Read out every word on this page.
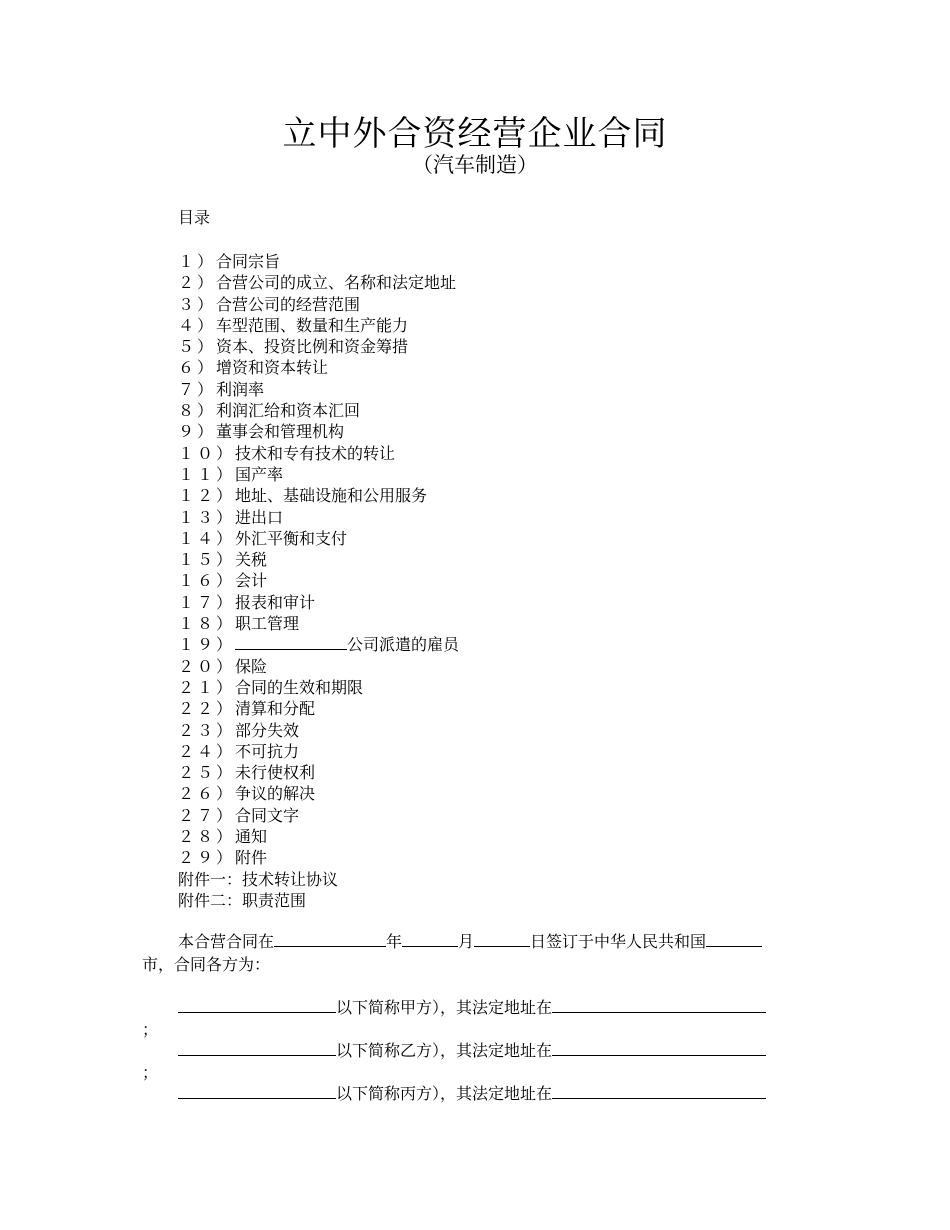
立中外合资经营企业合同
（汽车制造）
目录
１）合同宗旨
２）合营公司的成立、名称和法定地址
３）合营公司的经营范围
４）车型范围、数量和生产能力
５）资本、投资比例和资金筹措
６）增资和资本转让
７）利润率
８）利润汇给和资本汇回
９）董事会和管理机构
１０）技术和专有技术的转让
１１）国产率
１２）地址、基础设施和公用服务
１３）进出口
１４）外汇平衡和支付
１５）关税
１６）会计
１７）报表和审计
１８）职工管理
１９）	公司派遣的雇员
２０）保险
２１）合同的生效和期限
２２）清算和分配
２３）部分失效
２４）不可抗力
２５）未行使权利
２６）争议的解决
２７）合同文字
２８）通知
２９）附件
附件一：技术转让协议
附件二：职责范围
本合营合同在	年	月	日签订于中华人民共和国
市，合同各方为：
以下简称甲方），其法定地址在
；
以下简称乙方），其法定地址在
；
以下简称丙方），其法定地址在
